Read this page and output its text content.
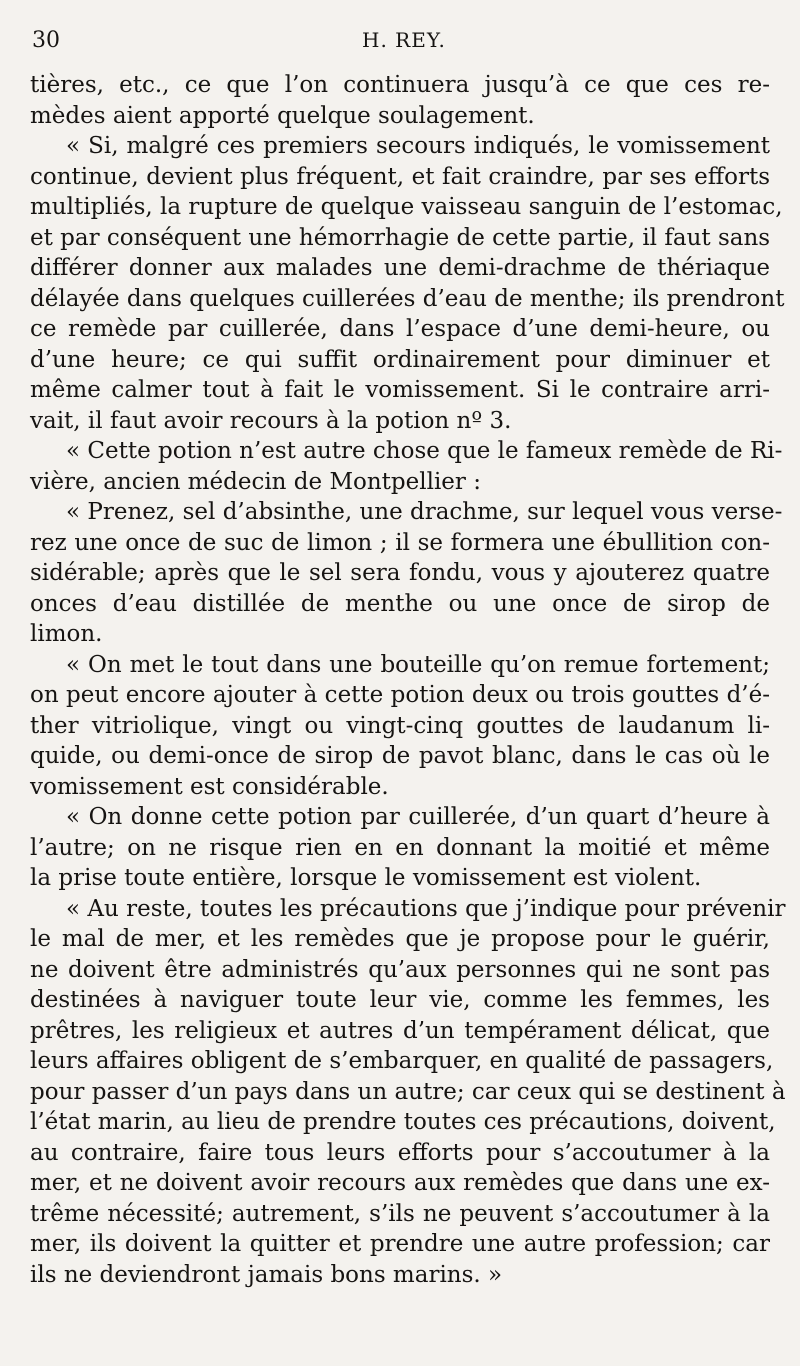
30	H. REY.

tières, etc., ce que l’on continuera jusqu’à ce que ces re-
mèdes aient apporté quelque soulagement.

« Si, malgré ces premiers secours indiqués, le vomissement
continue, devient plus fréquent, et fait craindre, par ses efforts
multipliés, la rupture de quelque vaisseau sanguin de l’estomac,
et par conséquent une hémorrhagie de cette partie, il faut sans
différer donner aux malades une demi-drachme de thériaque
délayée dans quelques cuillerées d’eau de menthe; ils prendront
ce remède par cuillerée, dans l’espace d’une demi-heure, ou
d’une heure; ce qui suffit ordinairement pour diminuer et
même calmer tout à fait le vomissement. Si le contraire arri-
vait, il faut avoir recours à la potion nº 3.

« Cette potion n’est autre chose que le fameux remède de Ri-
vière, ancien médecin de Montpellier :

« Prenez, sel d’absinthe, une drachme, sur lequel vous verse-
rez une once de suc de limon ; il se formera une ébullition con-
sidérable; après que le sel sera fondu, vous y ajouterez quatre
onces d’eau distillée de menthe ou une once de sirop de
limon.

« On met le tout dans une bouteille qu’on remue fortement;
on peut encore ajouter à cette potion deux ou trois gouttes d’é-
ther vitriolique, vingt ou vingt-cinq gouttes de laudanum li-
quide, ou demi-once de sirop de pavot blanc, dans le cas où le
vomissement est considérable.

« On donne cette potion par cuillerée, d’un quart d’heure à
l’autre; on ne risque rien en en donnant la moitié et même
la prise toute entière, lorsque le vomissement est violent.

« Au reste, toutes les précautions que j’indique pour prévenir
le mal de mer, et les remèdes que je propose pour le guérir,
ne doivent être administrés qu’aux personnes qui ne sont pas
destinées à naviguer toute leur vie, comme les femmes, les
prêtres, les religieux et autres d’un tempérament délicat, que
leurs affaires obligent de s’embarquer, en qualité de passagers,
pour passer d’un pays dans un autre; car ceux qui se destinent à
l’état marin, au lieu de prendre toutes ces précautions, doivent,
au contraire, faire tous leurs efforts pour s’accoutumer à la
mer, et ne doivent avoir recours aux remèdes que dans une ex-
trême nécessité; autrement, s’ils ne peuvent s’accoutumer à la
mer, ils doivent la quitter et prendre une autre profession; car
ils ne deviendront jamais bons marins. »
